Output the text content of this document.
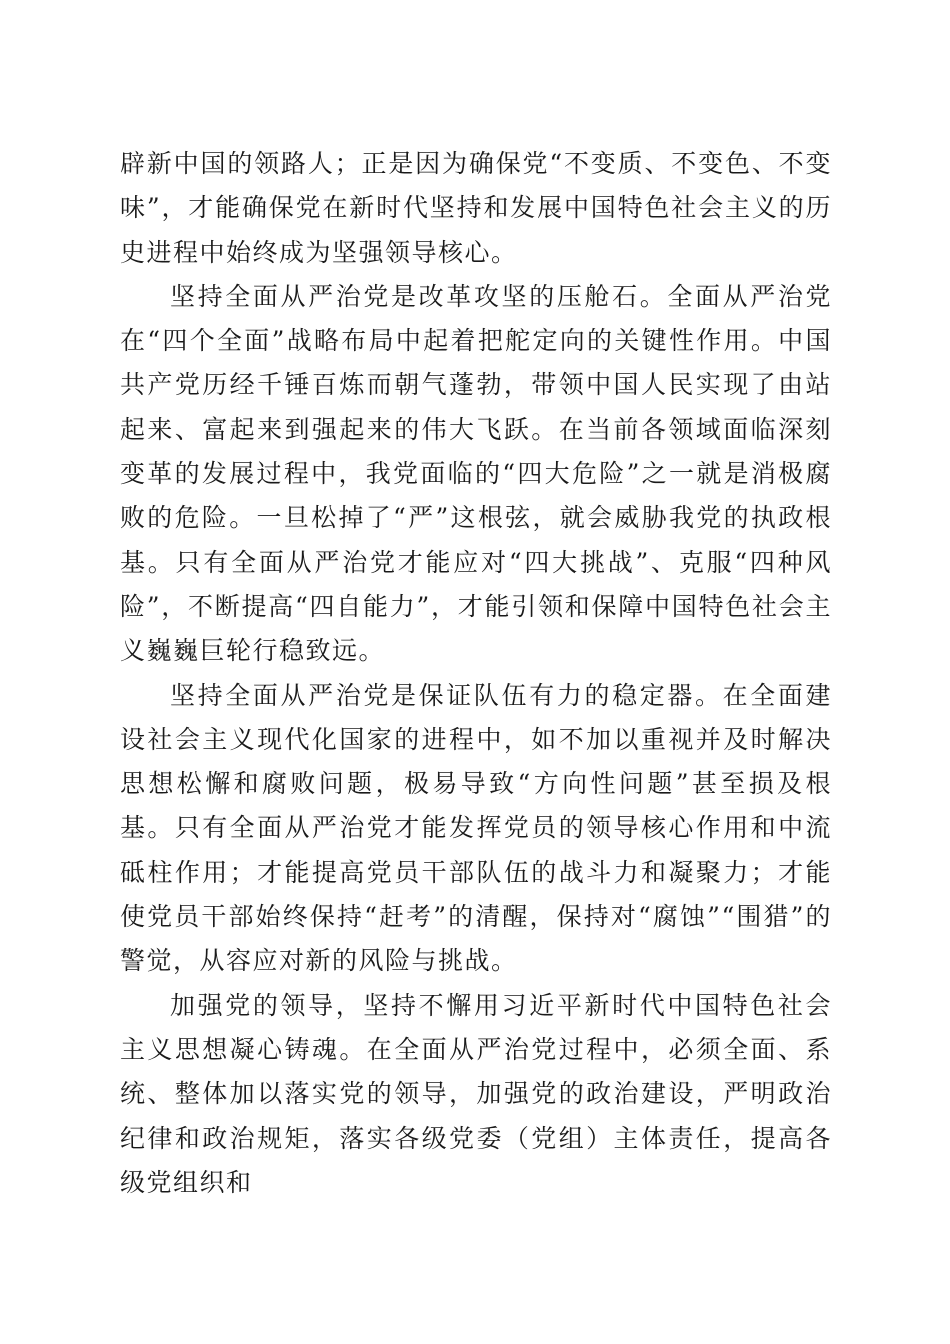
辟新中国的领路人；正是因为确保党“不变质、不变色、不变味”，才能确保党在新时代坚持和发展中国特色社会主义的历史进程中始终成为坚强领导核心。

坚持全面从严治党是改革攻坚的压舱石。全面从严治党在“四个全面”战略布局中起着把舵定向的关键性作用。中国共产党历经千锤百炼而朝气蓬勃，带领中国人民实现了由站起来、富起来到强起来的伟大飞跃。在当前各领域面临深刻变革的发展过程中，我党面临的“四大危险”之一就是消极腐败的危险。一旦松掉了“严”这根弦，就会威胁我党的执政根基。只有全面从严治党才能应对“四大挑战”、克服“四种风险”，不断提高“四自能力”，才能引领和保障中国特色社会主义巍巍巨轮行稳致远。

坚持全面从严治党是保证队伍有力的稳定器。在全面建设社会主义现代化国家的进程中，如不加以重视并及时解决思想松懈和腐败问题，极易导致“方向性问题”甚至损及根基。只有全面从严治党才能发挥党员的领导核心作用和中流砥柱作用；才能提高党员干部队伍的战斗力和凝聚力；才能使党员干部始终保持“赶考”的清醒，保持对“腐蚀”“围猎”的警觉，从容应对新的风险与挑战。

加强党的领导，坚持不懈用习近平新时代中国特色社会主义思想凝心铸魂。在全面从严治党过程中，必须全面、系统、整体加以落实党的领导，加强党的政治建设，严明政治纪律和政治规矩，落实各级党委（党组）主体责任，提高各级党组织和
